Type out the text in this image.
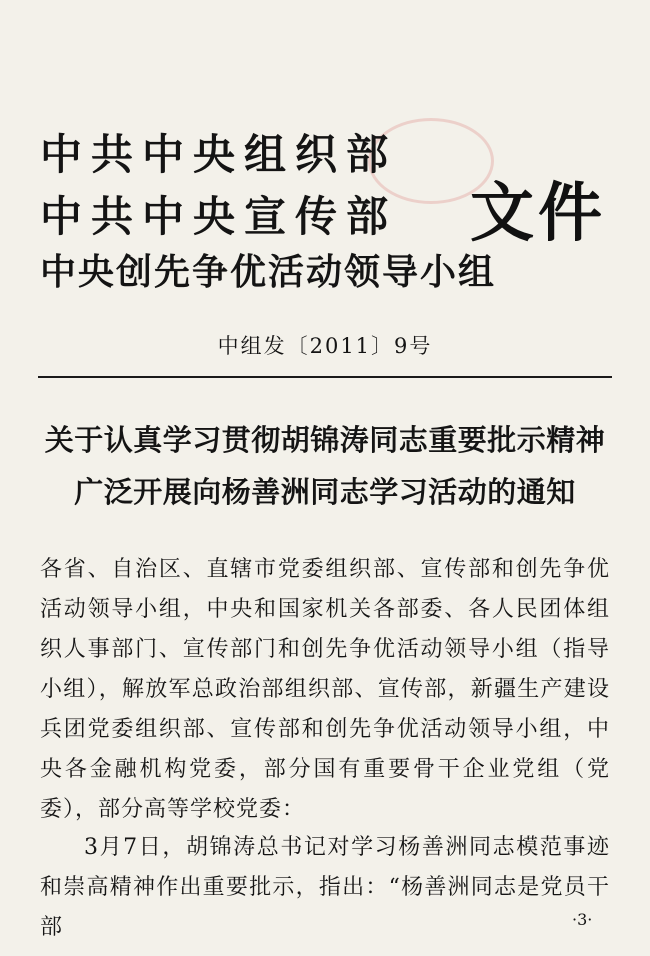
中共中央组织部
中共中央宣传部
中央创先争优活动领导小组
文件
中组发〔2011〕9号
关于认真学习贯彻胡锦涛同志重要批示精神
广泛开展向杨善洲同志学习活动的通知

各省、自治区、直辖市党委组织部、宣传部和创先争优活动领导小组，中央和国家机关各部委、各人民团体组织人事部门、宣传部门和创先争优活动领导小组（指导小组），解放军总政治部组织部、宣传部，新疆生产建设兵团党委组织部、宣传部和创先争优活动领导小组，中央各金融机构党委，部分国有重要骨干企业党组（党委），部分高等学校党委：

3月7日，胡锦涛总书记对学习杨善洲同志模范事迹和崇高精神作出重要批示，指出：“杨善洲同志是党员干部	·3·
